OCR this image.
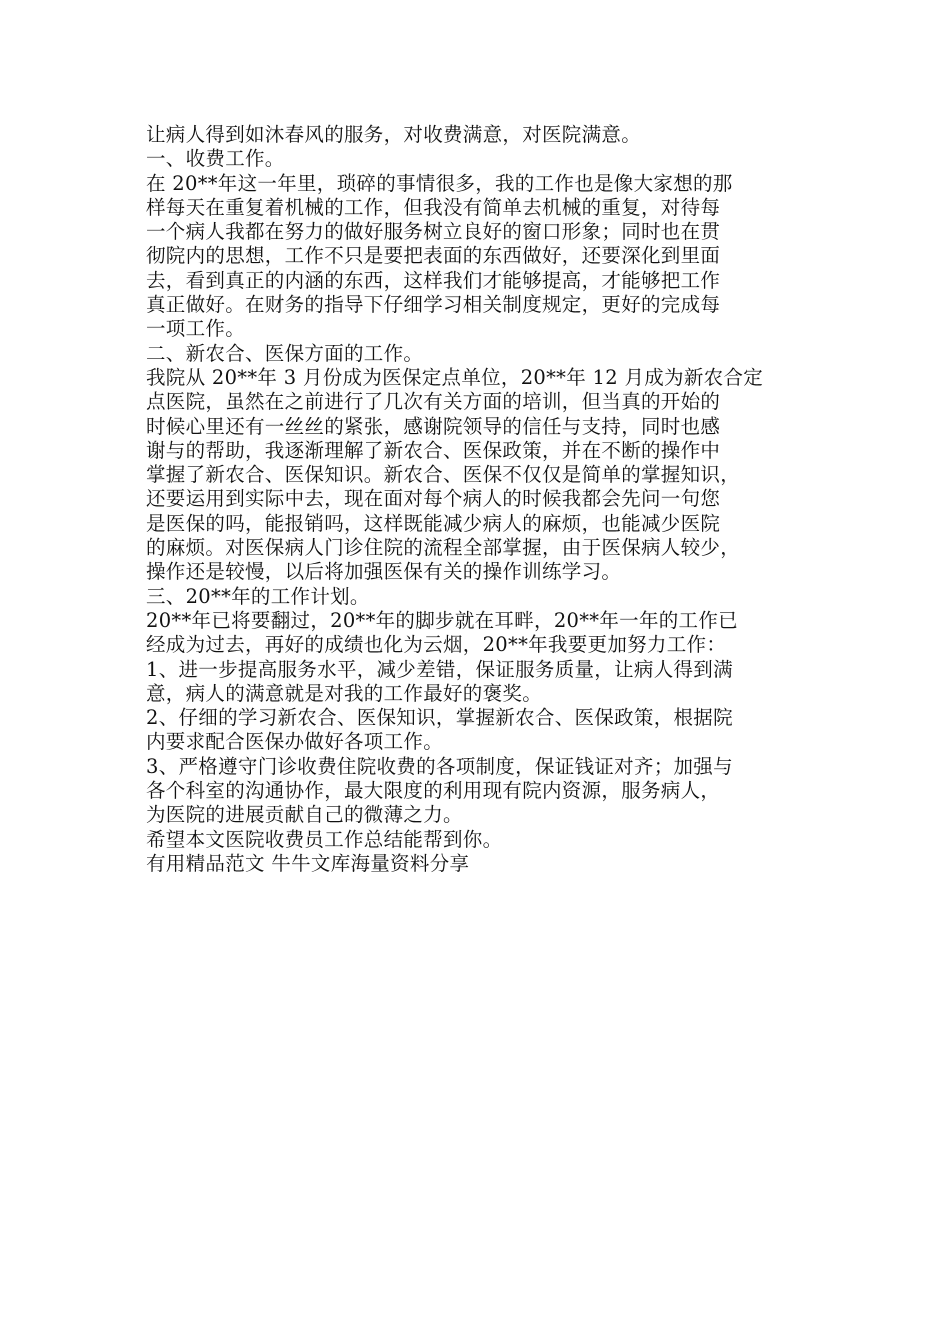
让病人得到如沐春风的服务，对收费满意，对医院满意。
一、收费工作。
在 20**年这一年里，琐碎的事情很多，我的工作也是像大家想的那
样每天在重复着机械的工作，但我没有简单去机械的重复，对待每
一个病人我都在努力的做好服务树立良好的窗口形象；同时也在贯
彻院内的思想，工作不只是要把表面的东西做好，还要深化到里面
去，看到真正的内涵的东西，这样我们才能够提高，才能够把工作
真正做好。在财务的指导下仔细学习相关制度规定，更好的完成每
一项工作。
二、新农合、医保方面的工作。
我院从 20**年 3 月份成为医保定点单位，20**年 12 月成为新农合定
点医院，虽然在之前进行了几次有关方面的培训，但当真的开始的
时候心里还有一丝丝的紧张，感谢院领导的信任与支持，同时也感
谢与的帮助，我逐渐理解了新农合、医保政策，并在不断的操作中
掌握了新农合、医保知识。新农合、医保不仅仅是简单的掌握知识，
还要运用到实际中去，现在面对每个病人的时候我都会先问一句您
是医保的吗，能报销吗，这样既能减少病人的麻烦，也能减少医院
的麻烦。对医保病人门诊住院的流程全部掌握，由于医保病人较少，
操作还是较慢，以后将加强医保有关的操作训练学习。
三、20**年的工作计划。
20**年已将要翻过，20**年的脚步就在耳畔，20**年一年的工作已
经成为过去，再好的成绩也化为云烟，20**年我要更加努力工作：
1、进一步提高服务水平，减少差错，保证服务质量，让病人得到满
意，病人的满意就是对我的工作最好的褒奖。
2、仔细的学习新农合、医保知识，掌握新农合、医保政策，根据院
内要求配合医保办做好各项工作。
3、严格遵守门诊收费住院收费的各项制度，保证钱证对齐；加强与
各个科室的沟通协作，最大限度的利用现有院内资源，服务病人，
为医院的进展贡献自己的微薄之力。
希望本文医院收费员工作总结能帮到你。
有用精品范文 牛牛文库海量资料分享
